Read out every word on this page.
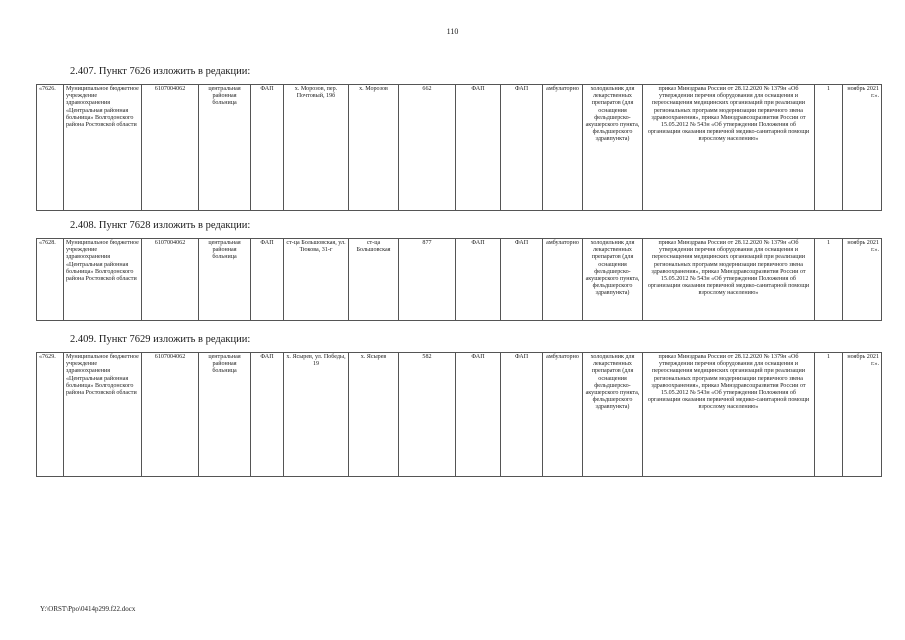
110
2.407. Пункт 7626 изложить в редакции:
«7626.	Муниципальное бюджетное учреждение здравоохранения «Центральная районная больница» Волгодонского района Ростовской области	6107004062	центральная районная больница	ФАП	х. Морозов, пер. Почтовый, 19б	х. Морозов	662	ФАП	ФАП	амбулаторно	холодильник для лекарственных препаратов (для оснащения фельдшерско-акушерского пункта, фельдшерского здравпункта)	приказ Минздрава России от 28.12.2020 № 1379н «Об утверждении перечня оборудования для оснащения и переоснащения медицинских организаций при реализации региональных программ модернизации первичного звена здравоохранения», приказ Минздравсоцразвития России от 15.05.2012 № 543н «Об утверждении Положения об организации оказания первичной медико-санитарной помощи взрослому населению»	1	ноябрь 2021 г.».
2.408. Пункт 7628 изложить в редакции:
«7628.	Муниципальное бюджетное учреждение здравоохранения «Центральная районная больница» Волгодонского района Ростовской области	6107004062	центральная районная больница	ФАП	ст-ца Большовская, ул. Тюкова, 31-г	ст-ца Большовская	877	ФАП	ФАП	амбулаторно	холодильник для лекарственных препаратов (для оснащения фельдшерско-акушерского пункта, фельдшерского здравпункта)	приказ Минздрава России от 28.12.2020 № 1379н «Об утверждении перечня оборудования для оснащения и переоснащения медицинских организаций при реализации региональных программ модернизации первичного звена здравоохранения», приказ Минздравсоцразвития России от 15.05.2012 № 543н «Об утверждении Положения об организации оказания первичной медико-санитарной помощи взрослому населению»	1	ноябрь 2021 г.».
2.409. Пункт 7629 изложить в редакции:
«7629.	Муниципальное бюджетное учреждение здравоохранения «Центральная районная больница» Волгодонского района Ростовской области	6107004062	центральная районная больница	ФАП	х. Ясырев, ул. Победы, 19	х. Ясырев	582	ФАП	ФАП	амбулаторно	холодильник для лекарственных препаратов (для оснащения фельдшерско-акушерского пункта, фельдшерского здравпункта)	приказ Минздрава России от 28.12.2020 № 1379н «Об утверждении перечня оборудования для оснащения и переоснащения медицинских организаций при реализации региональных программ модернизации первичного звена здравоохранения», приказ Минздравсоцразвития России от 15.05.2012 № 543н «Об утверждении Положения об организации оказания первичной медико-санитарной помощи взрослому населению»	1	ноябрь 2021 г.».
Y:\ORST\Ppo\0414p299.f22.docx
